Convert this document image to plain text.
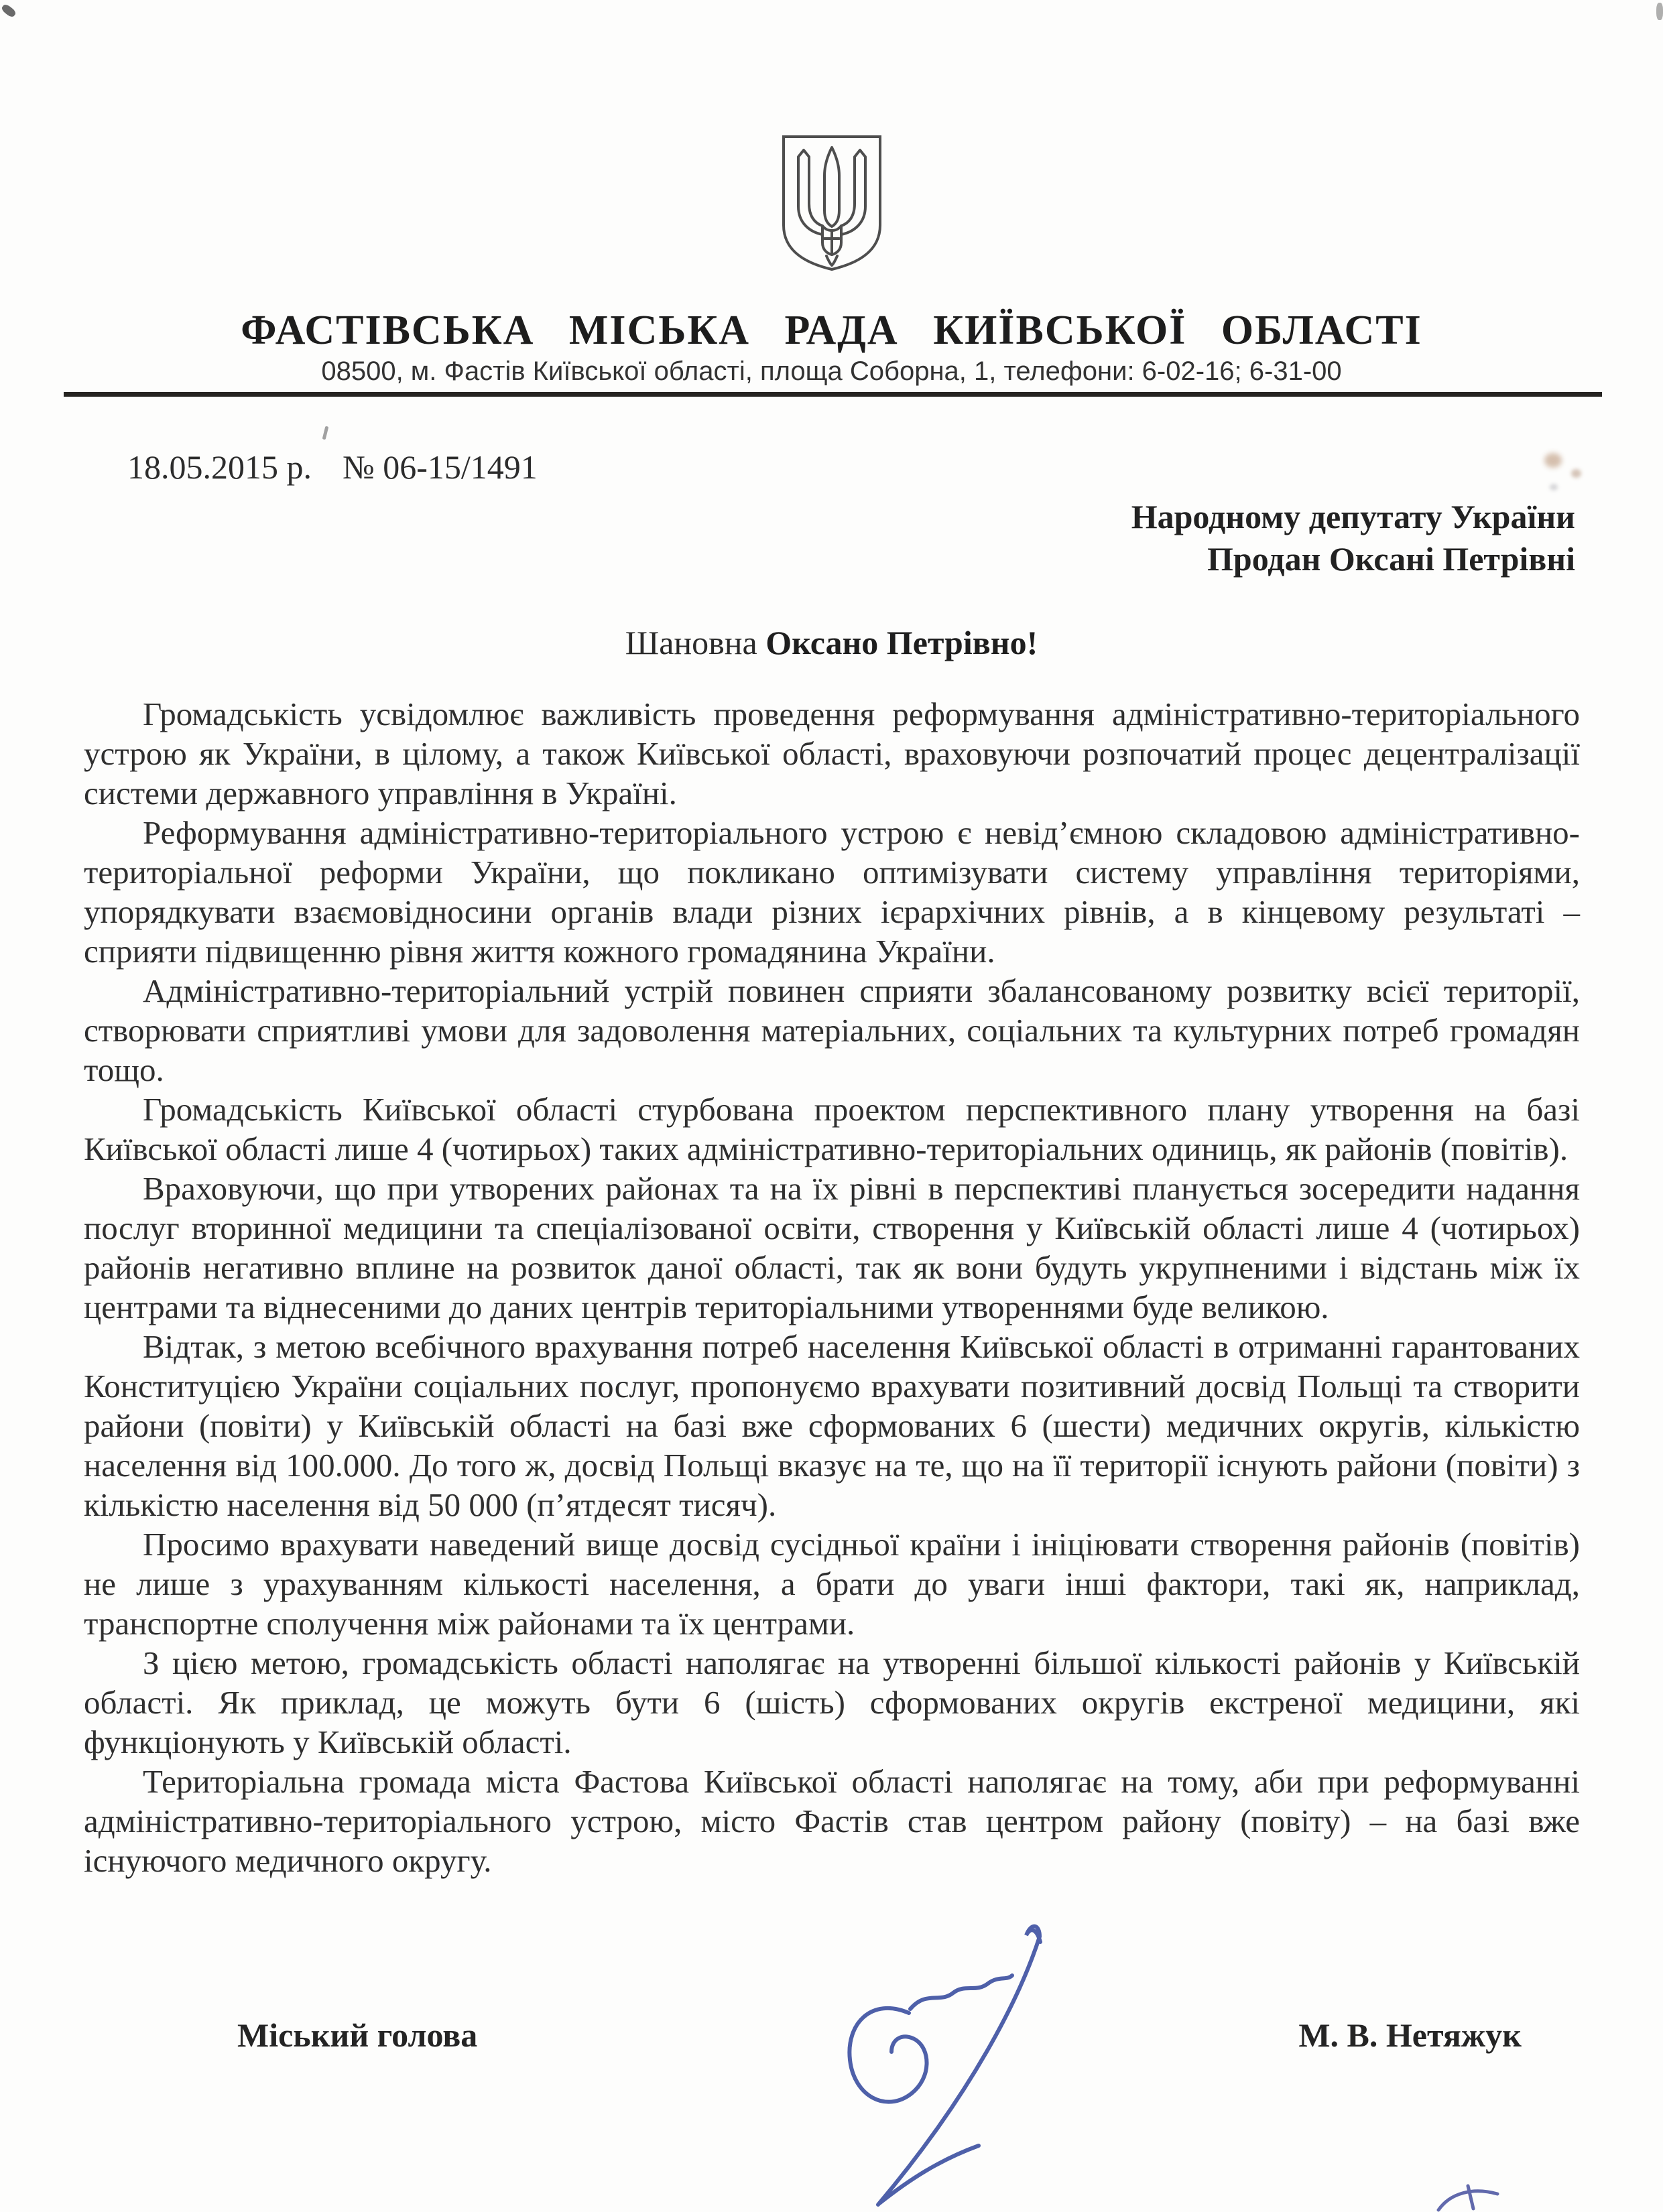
ФАСТІВСЬКА МІСЬКА РАДА КИЇВСЬКОЇ ОБЛАСТІ
08500, м. Фастів Київської області, площа Соборна, 1, телефони: 6-02-16; 6-31-00
18.05.2015 р. № 06-15/1491
Народному депутату України
Продан Оксані Петрівні
Шановна Оксано Петрівно!

Громадськість усвідомлює важливість проведення реформування адміністративно-територіального устрою як України, в цілому, а також Київської області, враховуючи розпочатий процес децентралізації системи державного управління в Україні.

Реформування адміністративно-територіального устрою є невід’ємною складовою адміністративно-територіальної реформи України, що покликано оптимізувати систему управління територіями, упорядкувати взаємовідносини органів влади різних ієрархічних рівнів, а в кінцевому результаті – сприяти підвищенню рівня життя кожного громадянина України.

Адміністративно-територіальний устрій повинен сприяти збалансованому розвитку всієї території, створювати сприятливі умови для задоволення матеріальних, соціальних та культурних потреб громадян тощо.

Громадськість Київської області стурбована проектом перспективного плану утворення на базі Київської області лише 4 (чотирьох) таких адміністративно-територіальних одиниць, як районів (повітів).

Враховуючи, що при утворених районах та на їх рівні в перспективі планується зосередити надання послуг вторинної медицини та спеціалізованої освіти, створення у Київській області лише 4 (чотирьох) районів негативно вплине на розвиток даної області, так як вони будуть укрупненими і відстань між їх центрами та віднесеними до даних центрів територіальними утвореннями буде великою.

Відтак, з метою всебічного врахування потреб населення Київської області в отриманні гарантованих Конституцією України соціальних послуг, пропонуємо врахувати позитивний досвід Польщі та створити райони (повіти) у Київській області на базі вже сформованих 6 (шести) медичних округів, кількістю населення від 100.000. До того ж, досвід Польщі вказує на те, що на її території існують райони (повіти) з кількістю населення від 50 000 (п’ятдесят тисяч).

Просимо врахувати наведений вище досвід сусідньої країни і ініціювати створення районів (повітів) не лише з урахуванням кількості населення, а брати до уваги інші фактори, такі як, наприклад, транспортне сполучення між районами та їх центрами.

З цією метою, громадськість області наполягає на утворенні більшої кількості районів у Київській області. Як приклад, це можуть бути 6 (шість) сформованих округів екстреної медицини, які функціонують у Київській області.

Територіальна громада міста Фастова Київської області наполягає на тому, аби при реформуванні адміністративно-територіального устрою, місто Фастів став центром району (повіту) – на базі вже існуючого медичного округу.

Міський голова	М. В. Нетяжук
